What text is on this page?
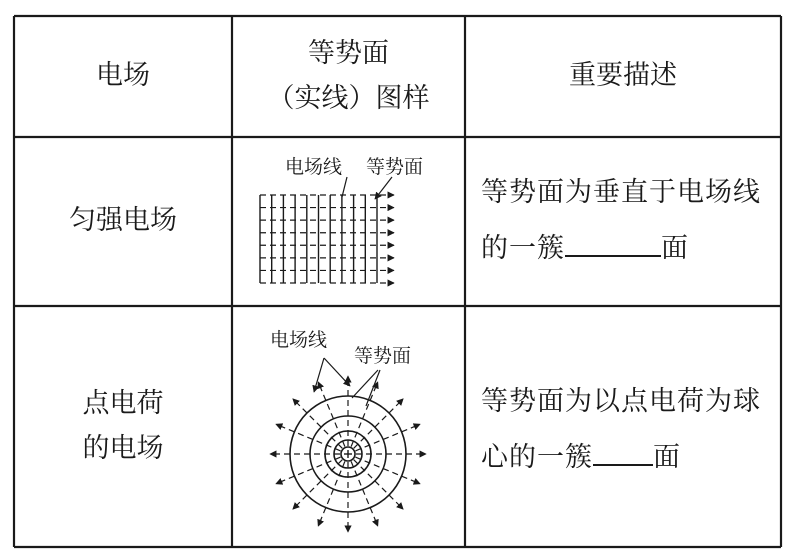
电场
等势面
（实线）图样
重要描述
匀强电场
电场线 等势面
等势面为垂直于电场线的一簇	面
点电荷
的电场
电场线
等势面
等势面为以点电荷为球心的一簇 面
